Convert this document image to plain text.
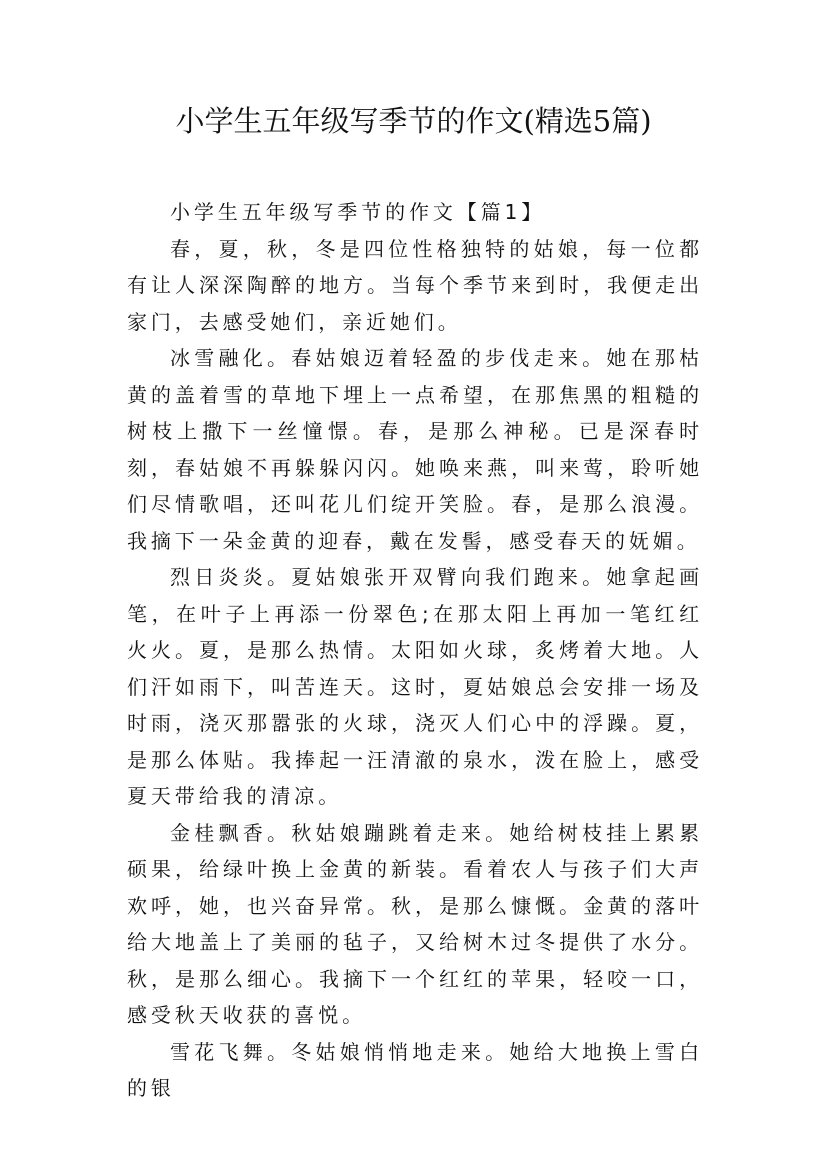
小学生五年级写季节的作文(精选5篇)

小学生五年级写季节的作文【篇1】

春，夏，秋，冬是四位性格独特的姑娘，每一位都有让人深深陶醉的地方。当每个季节来到时，我便走出家门，去感受她们，亲近她们。

冰雪融化。春姑娘迈着轻盈的步伐走来。她在那枯黄的盖着雪的草地下埋上一点希望，在那焦黑的粗糙的树枝上撒下一丝憧憬。春，是那么神秘。已是深春时刻，春姑娘不再躲躲闪闪。她唤来燕，叫来莺，聆听她们尽情歌唱，还叫花儿们绽开笑脸。春，是那么浪漫。我摘下一朵金黄的迎春，戴在发髻，感受春天的妩媚。

烈日炎炎。夏姑娘张开双臂向我们跑来。她拿起画笔，在叶子上再添一份翠色;在那太阳上再加一笔红红火火。夏，是那么热情。太阳如火球，炙烤着大地。人们汗如雨下，叫苦连天。这时，夏姑娘总会安排一场及时雨，浇灭那嚣张的火球，浇灭人们心中的浮躁。夏，是那么体贴。我捧起一汪清澈的泉水，泼在脸上，感受夏天带给我的清凉。

金桂飘香。秋姑娘蹦跳着走来。她给树枝挂上累累硕果，给绿叶换上金黄的新装。看着农人与孩子们大声欢呼，她，也兴奋异常。秋，是那么慷慨。金黄的落叶给大地盖上了美丽的毡子，又给树木过冬提供了水分。秋，是那么细心。我摘下一个红红的苹果，轻咬一口，感受秋天收获的喜悦。

雪花飞舞。冬姑娘悄悄地走来。她给大地换上雪白的银
